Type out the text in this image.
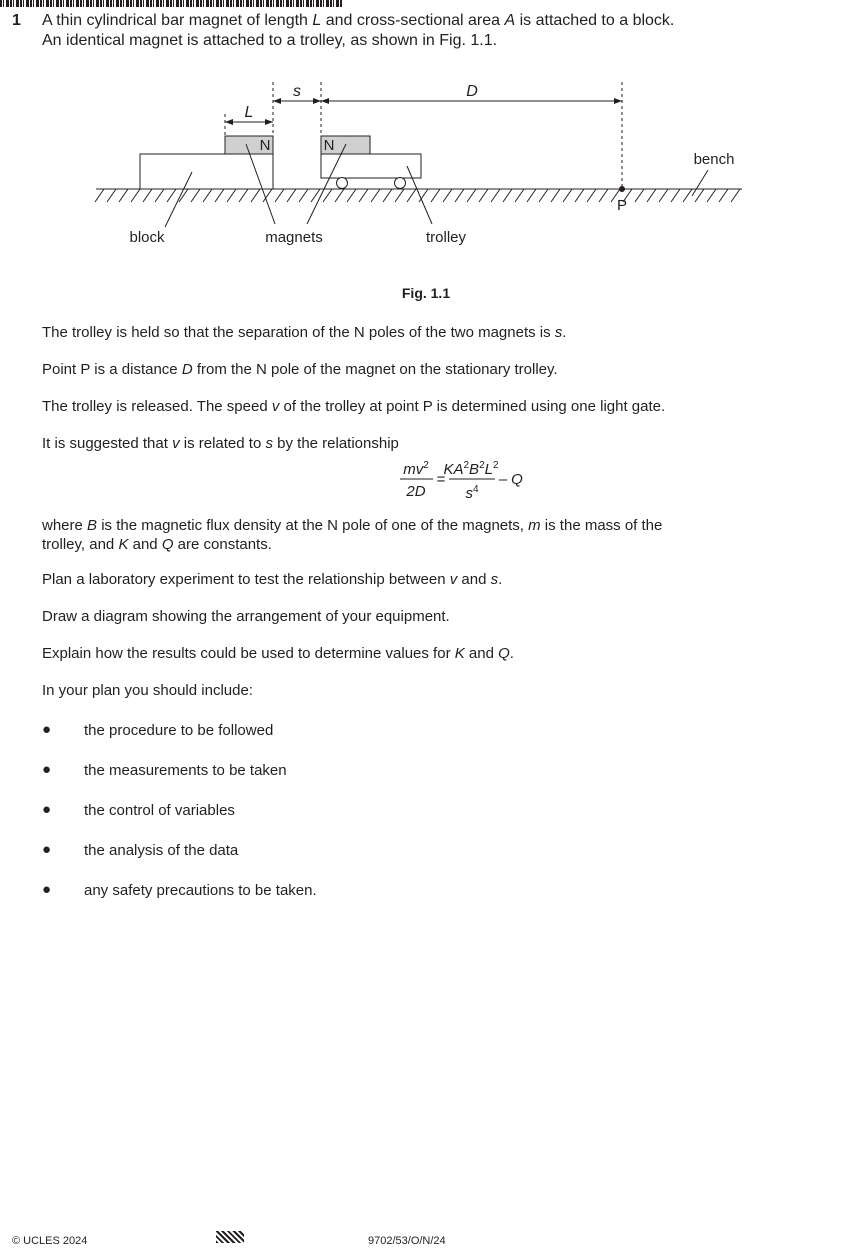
1 A thin cylindrical bar magnet of length L and cross-sectional area A is attached to a block.
An identical magnet is attached to a trolley, as shown in Fig. 1.1.
L
s	D
N	N
bench
block	magnets	trolley
P
Fig. 1.1
The trolley is held so that the separation of the N poles of the two magnets is s.
Point P is a distance D from the N pole of the magnet on the stationary trolley.
The trolley is released. The speed v of the trolley at point P is determined using one light gate.
It is suggested that v is related to s by the relationship
$mv^2$
2D
=
$KA^2B^2L^2$
$s^4$
– Q
where B is the magnetic flux density at the N pole of one of the magnets, m is the mass of the
trolley, and K and Q are constants.
Plan a laboratory experiment to test the relationship between v and s.
Draw a diagram showing the arrangement of your equipment.
Explain how the results could be used to determine values for K and Q.
In your plan you should include:
● the procedure to be followed
● the measurements to be taken
● the control of variables
● the analysis of the data
● any safety precautions to be taken.
© UCLES 2024	9702/53/O/N/24
